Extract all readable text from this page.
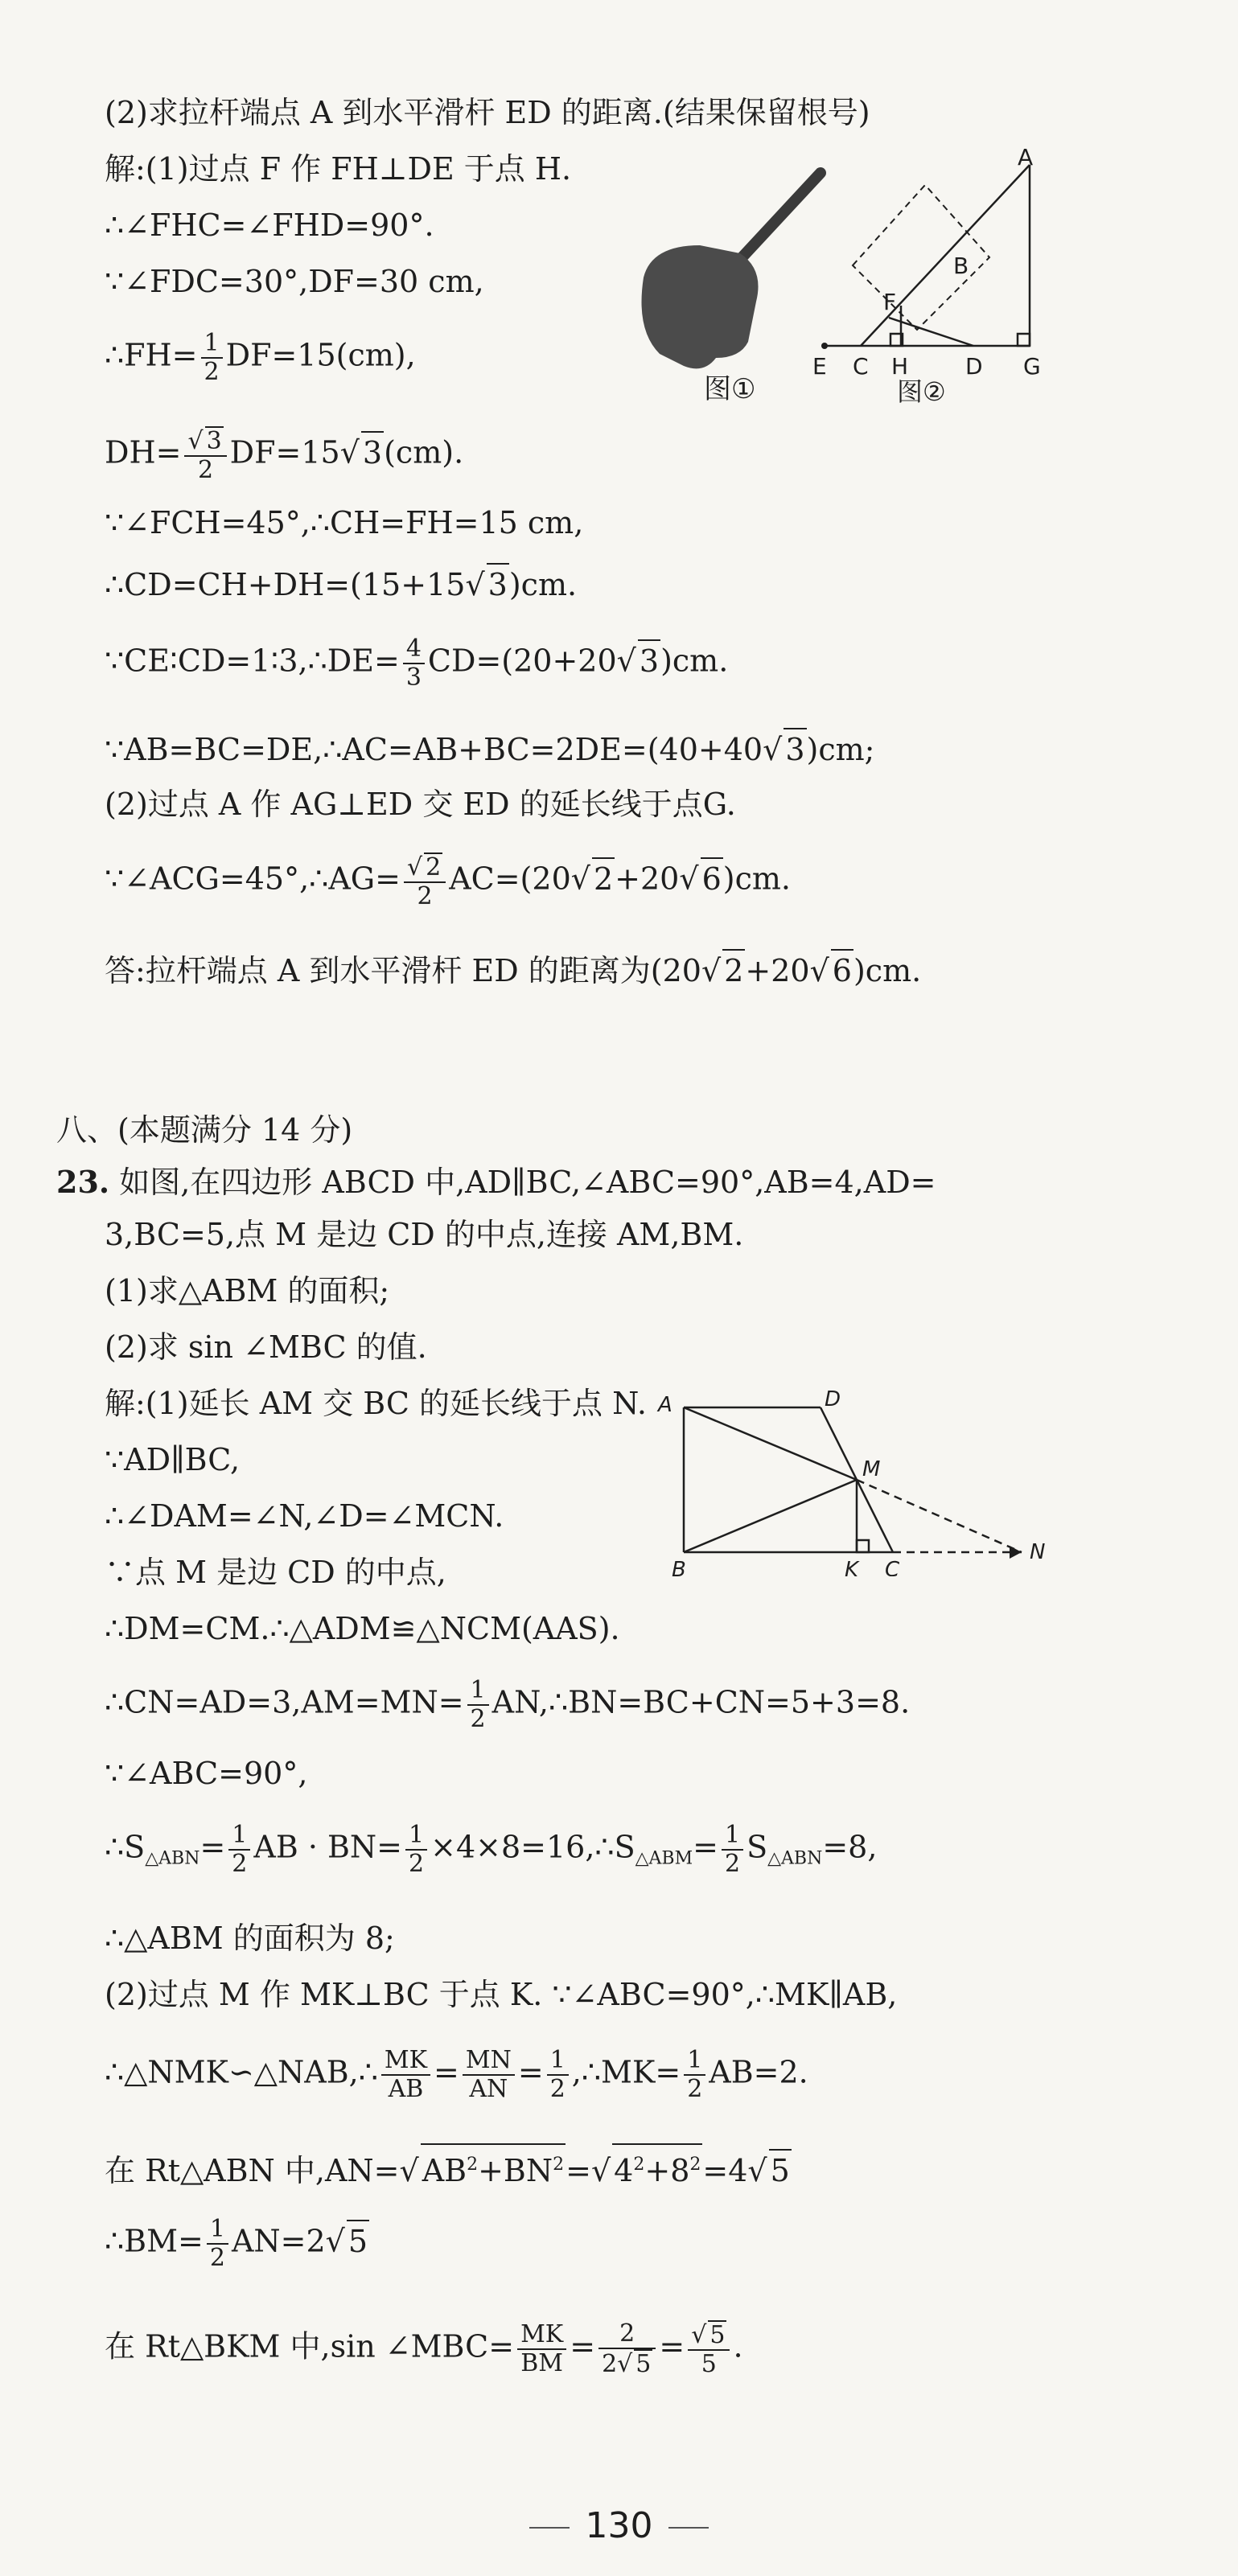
(2)求拉杆端点 A 到水平滑杆 ED 的距离.(结果保留根号)
解:(1)过点 F 作 FH⊥DE 于点 H.
∴∠FHC=∠FHD=90°.
∵∠FDC=30°,DF=30 cm,
∴FH= $\frac{1}{2} DF=15(cm)$,
$DH= \frac{√ 3}{2} DF=15√$ 3(cm).
∵∠FCH=45°,∴CH=FH=15 cm,
∴CD=CH+DH=(15+15√ 3)cm.
∵CE∶CD=1∶3,∴DE= $\frac{4}{3} CD=(20+20√$ 3)cm.
∵AB=BC=DE,∴AC=AB+BC=2DE=(40+40√ 3)cm;
(2)过点 A 作 AG⊥ED 交 ED 的延长线于点G.
∵∠ACG=45°,∴AG= $\frac{√ 2}{2} AC=(20√$ 2+20√ 6)cm.
答:拉杆端点 A 到水平滑杆 ED 的距离为(20√ 2+20√ 6)cm.
图①
A
B
F
E C H	D G
图②
八、(本题满分 14 分)
23. 如图,在四边形 ABCD 中,AD∥BC,∠ABC=90°,AB=4,AD=
3,BC=5,点 M 是边 CD 的中点,连接 AM,BM.
(1)求△ABM 的面积;
(2)求 sin ∠MBC 的值.
解:(1)延长 AM 交 BC 的延长线于点 N.
∵AD∥BC,
∴∠DAM=∠N,∠D=∠MCN.
∵点 M 是边 CD 的中点,
∴DM=CM.∴△ADM≌△NCM(AAS).
∴CN=AD=3,AM=MN= $\frac{1}{2}$ AN,∴BN=BC+CN=5+3=8.
∵∠ABC=90°,
$\therefore S_{\triangle ABN}= \frac{1}{2}$ AB · $BN= \frac{1}{2}$ $\times 4\times 8=16,\therefore S_{\triangle ABM}= \frac{1}{2} S_{\triangle ABN}=8$,
∴△ABM 的面积为 8;
(2)过点 M 作 MK⊥BC 于点 K. ∵∠ABC=90°,∴MK∥AB,
∴△NMK∽△NAB,∴ $\frac{MK}{AB} = \frac{MN}{AN} = \frac{1}{2}$ ,∴MK= $\frac{1}{2} AB=2$.
在 Rt△ABN 中,AN=√ $AB^2+BN^2=√$ $4^2+8^2=4√$ 5
∴BM= $\frac{1}{2} AN=2√$ 5
在 Rt△BKM 中,sin ∠MBC= $\frac{MK}{BM} = \frac{2}{2√ 5} = \frac{√ 5}{5}$ .
A	D
M
B	K C
N
130
